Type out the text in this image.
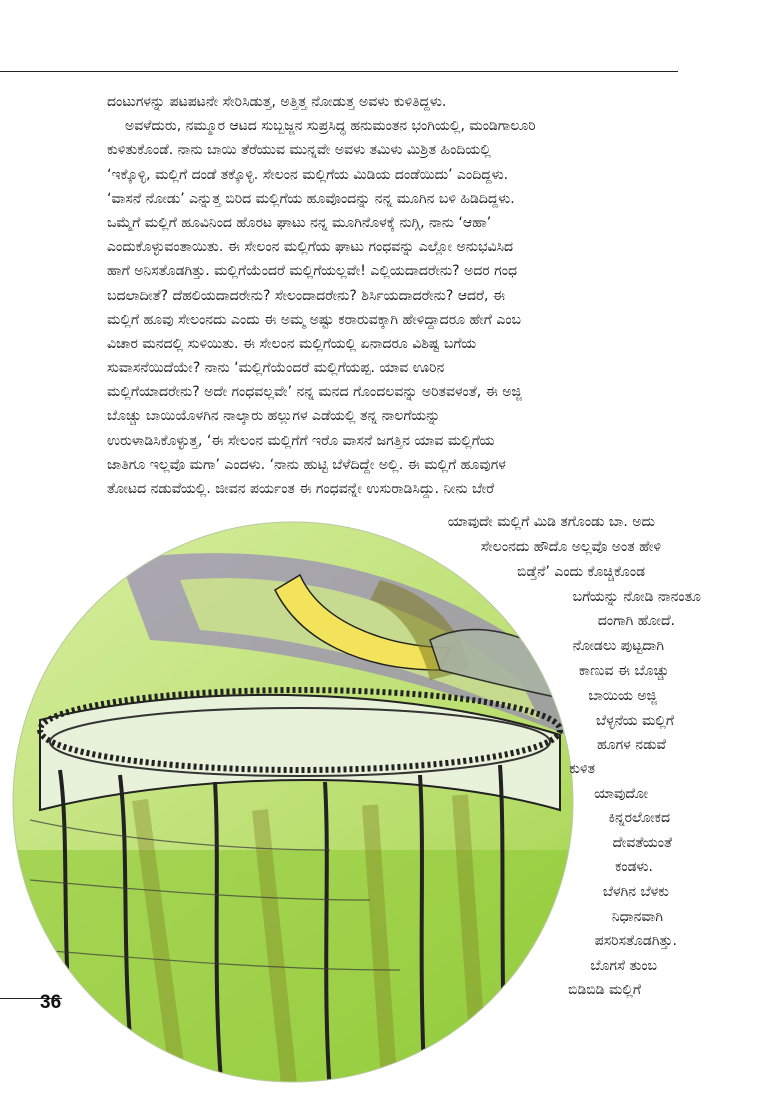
ದಂಟುಗಳನ್ನು ಪಟಪಟನೇ ಸೇರಿಸಿಡುತ್ತ, ಅತ್ತಿತ್ತ ನೋಡುತ್ತ ಅವಳು ಕುಳಿತಿದ್ದಳು.
ಅವಳೆದುರು, ನಮ್ಮೂರ ಆಟದ ಸುಬ್ಬಜ್ಜನ ಸುಪ್ರಸಿದ್ಧ ಹನುಮಂತನ ಭಂಗಿಯಲ್ಲಿ, ಮಂಡಿಗಾಲೂರಿ
ಕುಳಿತುಕೊಂಡೆ. ನಾನು ಬಾಯಿ ತೆರೆಯುವ ಮುನ್ನವೇ ಅವಳು ತಮಿಳು ಮಿಶ್ರಿತ ಹಿಂದಿಯಲ್ಲಿ
‘ಇಕ್ಕೊಳ್ಳಿ, ಮಲ್ಲಿಗೆ ದಂಡೆ ತಕ್ಕೊಳ್ಳಿ. ಸೇಲಂನ ಮಲ್ಲಿಗೆಯ ಮಿಡಿಯ ದಂಡೆಯಿದು’ ಎಂದಿದ್ದಳು.
‘ವಾಸನೆ ನೋಡು’ ಎನ್ನುತ್ತ ಬಿರಿದ ಮಲ್ಲಿಗೆಯ ಹೂವೊಂದನ್ನು ನನ್ನ ಮೂಗಿನ ಬಳಿ ಹಿಡಿದಿದ್ದಳು.
ಒಮ್ಮೆಗೆ ಮಲ್ಲಿಗೆ ಹೂವಿನಿಂದ ಹೊರಟ ಘಾಟು ನನ್ನ ಮೂಗಿನೊಳಕ್ಕೆ ನುಗ್ಗಿ, ನಾನು ‘ಆಹಾ’
ಎಂದುಕೊಳ್ಳುವಂತಾಯಿತು. ಈ ಸೇಲಂನ ಮಲ್ಲಿಗೆಯ ಘಾಟು ಗಂಧವನ್ನು ಎಲ್ಲೋ ಅನುಭವಿಸಿದ
ಹಾಗೆ ಅನಿಸತೊಡಗಿತ್ತು. ಮಲ್ಲಿಗೆಯೆಂದರೆ ಮಲ್ಲಿಗೆಯಲ್ಲವೇ! ಎಲ್ಲಿಯದಾದರೇನು? ಅದರ ಗಂಧ
ಬದಲಾದೀತೆ? ದೆಹಲಿಯದಾದರೇನು? ಸೇಲಂದಾದರೇನು? ಶಿರ್ಸಿಯದಾದರೇನು? ಆದರೆ, ಈ
ಮಲ್ಲಿಗೆ ಹೂವು ಸೇಲಂನದು ಎಂದು ಈ ಅಮ್ಮ ಅಷ್ಟು ಕರಾರುವಕ್ಕಾಗಿ ಹೇಳಿದ್ದಾದರೂ ಹೇಗೆ ಎಂಬ
ವಿಚಾರ ಮನದಲ್ಲಿ ಸುಳಿಯಿತು. ಈ ಸೇಲಂನ ಮಲ್ಲಿಗೆಯಲ್ಲಿ ಏನಾದರೂ ವಿಶಿಷ್ಟ ಬಗೆಯ
ಸುವಾಸನೆಯಿದೆಯೇ? ನಾನು ‘ಮಲ್ಲಿಗೆಯೆಂದರೆ ಮಲ್ಲಿಗೆಯಪ್ಪ. ಯಾವ ಊರಿನ
ಮಲ್ಲಿಗೆಯಾದರೇನು? ಅದೇ ಗಂಧವಲ್ಲವೇ’ ನನ್ನ ಮನದ ಗೊಂದಲವನ್ನು ಅರಿತವಳಂತೆ, ಈ ಅಜ್ಜಿ
ಬೊಚ್ಚು ಬಾಯಿಯೊಳಗಿನ ನಾಲ್ಕಾರು ಹಲ್ಲುಗಳ ಎಡೆಯಲ್ಲಿ ತನ್ನ ನಾಲಗೆಯನ್ನು
ಉರುಳಾಡಿಸಿಕೊಳ್ಳುತ್ತ, ‘ಈ ಸೇಲಂನ ಮಲ್ಲಿಗೆಗೆ ಇರೊ ವಾಸನೆ ಜಗತ್ತಿನ ಯಾವ ಮಲ್ಲಿಗೆಯ
ಜಾತಿಗೂ ಇಲ್ಲವೊ ಮಗಾ’ ಎಂದಳು. ‘ನಾನು ಹುಟ್ಟಿ ಬೆಳೆದಿದ್ದೇ ಅಲ್ಲಿ. ಈ ಮಲ್ಲಿಗೆ ಹೂವುಗಳ
ತೋಟದ ನಡುವೆಯಲ್ಲಿ. ಜೀವನ ಪರ್ಯಂತ ಈ ಗಂಧವನ್ನೇ ಉಸುರಾಡಿಸಿದ್ದು. ನೀನು ಬೇರೆ
ಯಾವುದೇ ಮಲ್ಲಿಗೆ ಮಿಡಿ ತಗೊಂಡು ಬಾ. ಅದು
ಸೇಲಂನದು ಹೌದೊ ಅಲ್ಲವೊ ಅಂತ ಹೇಳಿ
ಬಿಡ್ತೆನೆ’ ಎಂದು ಕೊಚ್ಚಿಕೊಂಡ
ಬಗೆಯನ್ನು ನೋಡಿ ನಾನಂತೂ
ದಂಗಾಗಿ ಹೋದೆ.
ನೋಡಲು ಪುಟ್ಟದಾಗಿ
ಕಾಣುವ ಈ ಬೊಚ್ಚು
ಬಾಯಿಯ ಅಜ್ಜಿ
ಬೆಳ್ಳನೆಯ ಮಲ್ಲಿಗೆ
ಹೂಗಳ ನಡುವೆ
ಕುಳಿತ
ಯಾವುದೋ
ಕಿನ್ನರಲೋಕದ
ದೇವತೆಯಂತೆ
ಕಂಡಳು.
ಬೆಳಗಿನ ಬೆಳಕು
ನಿಧಾನವಾಗಿ
ಪಸರಿಸತೊಡಗಿತ್ತು.
ಬೊಗಸೆ ತುಂಬ
ಬಿಡಿಬಿಡಿ ಮಲ್ಲಿಗೆ
36
